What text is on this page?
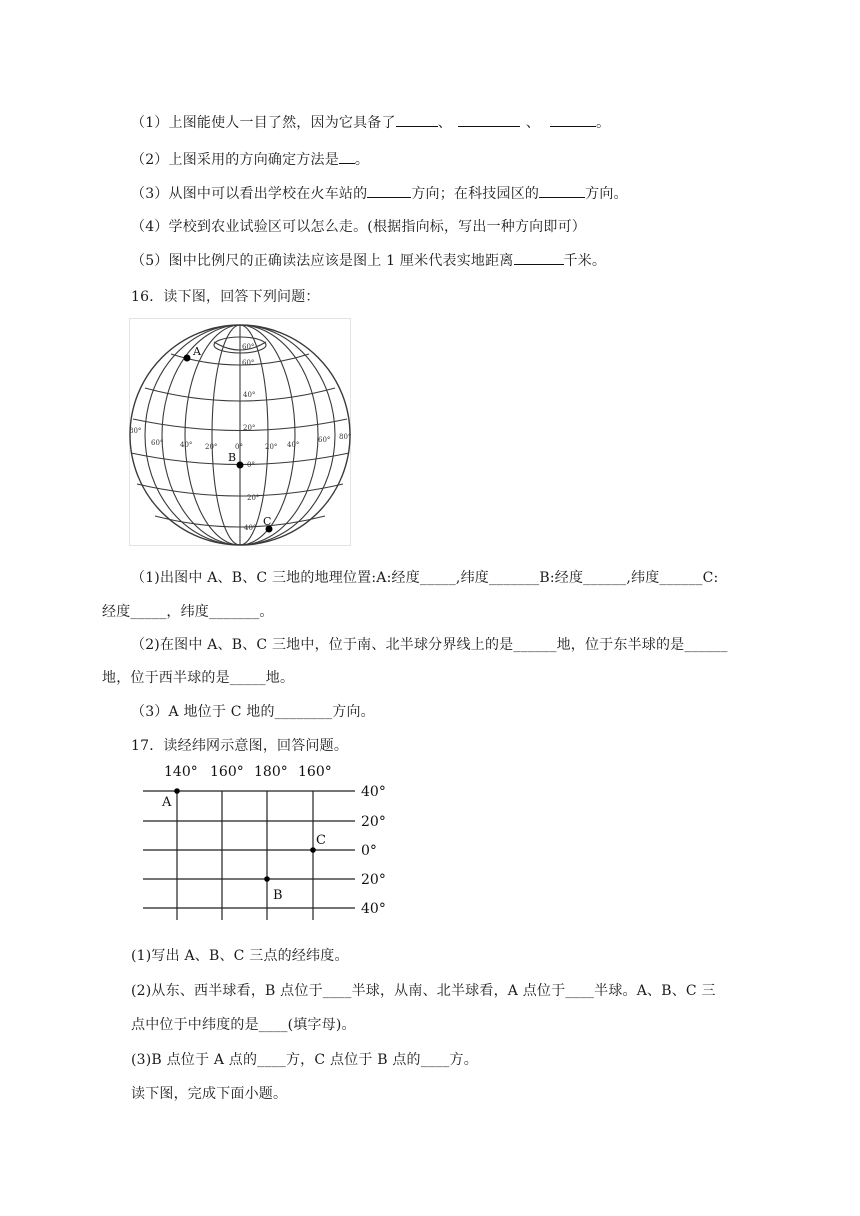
（1）上图能使人一目了然，因为它具备了	、	、	。
（2）上图采用的方向确定方法是 。
（3）从图中可以看出学校在火车站的	方向；在科技园区的	方向。
（4）学校到农业试验区可以怎么走。(根据指向标，写出一种方向即可）
（5）图中比例尺的正确读法应该是图上 1 厘米代表实地距离	千米。
16．读下图，回答下列问题：
60°
60°
40°
20°
0°
20°
40°
80°
60° 40° 20°	0°	20° 40°
60° 80°
A
B
C
（1)出图中 A、B、C 三地的地理位置:A:经度_____,纬度_______B:经度______,纬度______C:
经度_____，纬度_______。
（2)在图中 A、B、C 三地中，位于南、北半球分界线上的是______地，位于东半球的是______
地，位于西半球的是_____地。
（3）A 地位于 C 地的________方向。
17．读经纬网示意图，回答问题。
140° 160° 180° 160°
40°
20°
0°
20°
40°
A
B
C
(1)写出 A、B、C 三点的经纬度。
(2)从东、西半球看，B 点位于____半球，从南、北半球看，A 点位于____半球。A、B、C 三
点中位于中纬度的是____(填字母)。
(3)B 点位于 A 点的____方，C 点位于 B 点的____方。
读下图，完成下面小题。
